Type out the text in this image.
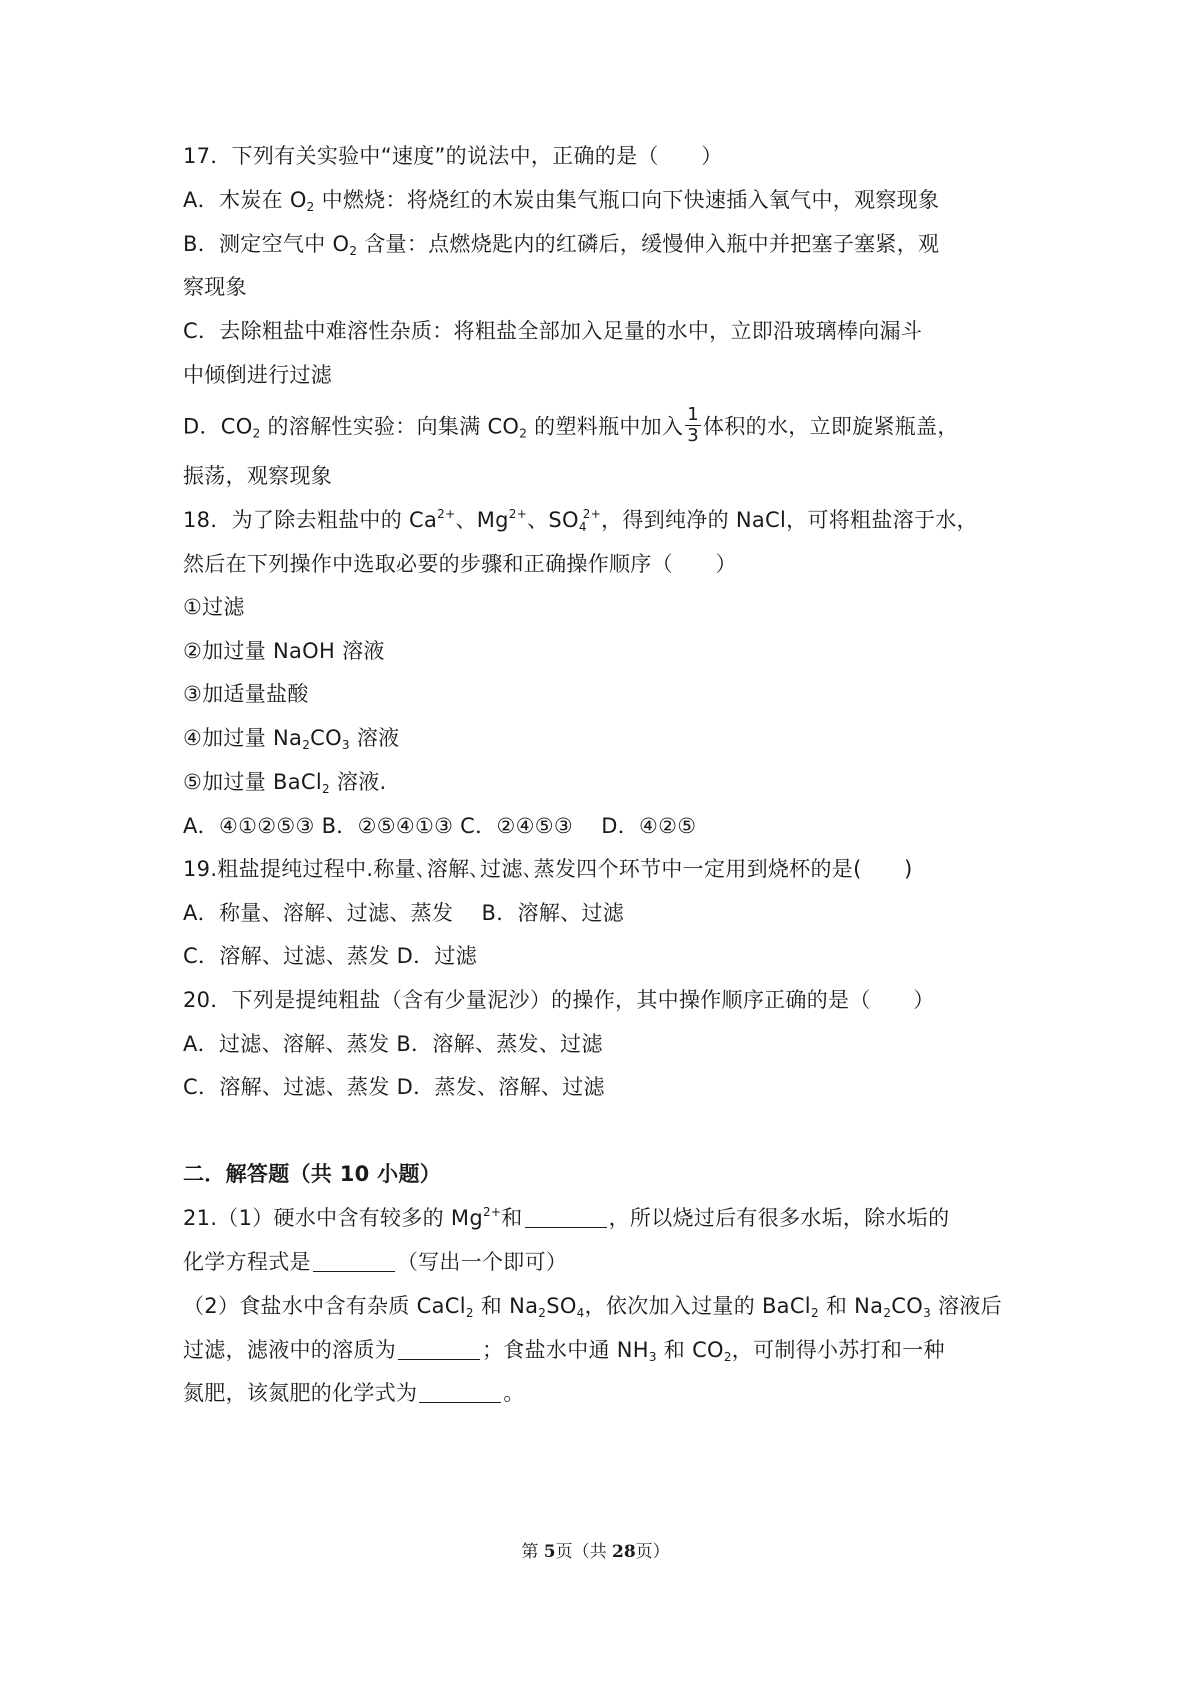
17．下列有关实验中“速度”的说法中，正确的是（　　）
A．木炭在 $O_2$ 中燃烧：将烧红的木炭由集气瓶口向下快速插入氧气中，观察现象
B．测定空气中 $O_2$ 含量：点燃烧匙内的红磷后，缓慢伸入瓶中并把塞子塞紧，观
察现象
C．去除粗盐中难溶性杂质：将粗盐全部加入足量的水中，立即沿玻璃棒向漏斗
中倾倒进行过滤
D．$CO_2$ 的溶解性实验：向集满 $CO_2$ 的塑料瓶中加入 $\frac{1}{3}$ 体积的水，立即旋紧瓶盖，
振荡，观察现象
18．为了除去粗盐中的 $Ca^{2+}$、$Mg^{2+}$、$SO_4^{2+}$，得到纯净的 NaCl，可将粗盐溶于水，
然后在下列操作中选取必要的步骤和正确操作顺序（　　）
①过滤
②加过量 NaOH 溶液
③加适量盐酸
④加过量 $Na_2CO_3$ 溶液
⑤加过量 BaCl$_2$ 溶液.
A．④①②⑤③ B．②⑤④①③ C．②④⑤③　 D．④②⑤
19.粗盐提纯过程中.称量､溶解､过滤､蒸发四个环节中一定用到烧杯的是(　　)
A．称量、溶解、过滤、蒸发　 B．溶解、过滤
C．溶解、过滤、蒸发 D．过滤
20．下列是提纯粗盐（含有少量泥沙）的操作，其中操作顺序正确的是（　　）
A．过滤、溶解、蒸发 B．溶解、蒸发、过滤
C．溶解、过滤、蒸发 D．蒸发、溶解、过滤
二．解答题（共 10 小题）
21.（1）硬水中含有较多的 $Mg^{2+}$和	，所以烧过后有很多水垢，除水垢的
化学方程式是	（写出一个即可）
（2）食盐水中含有杂质 CaCl$_2$ 和 $Na_2SO_4$，依次加入过量的 BaCl$_2$ 和 $Na_2CO_3$ 溶液后
过滤，滤液中的溶质为	；食盐水中通 $NH_3$ 和 $CO_2$，可制得小苏打和一种
氮肥，该氮肥的化学式为	。
第 5页（共 28页）
